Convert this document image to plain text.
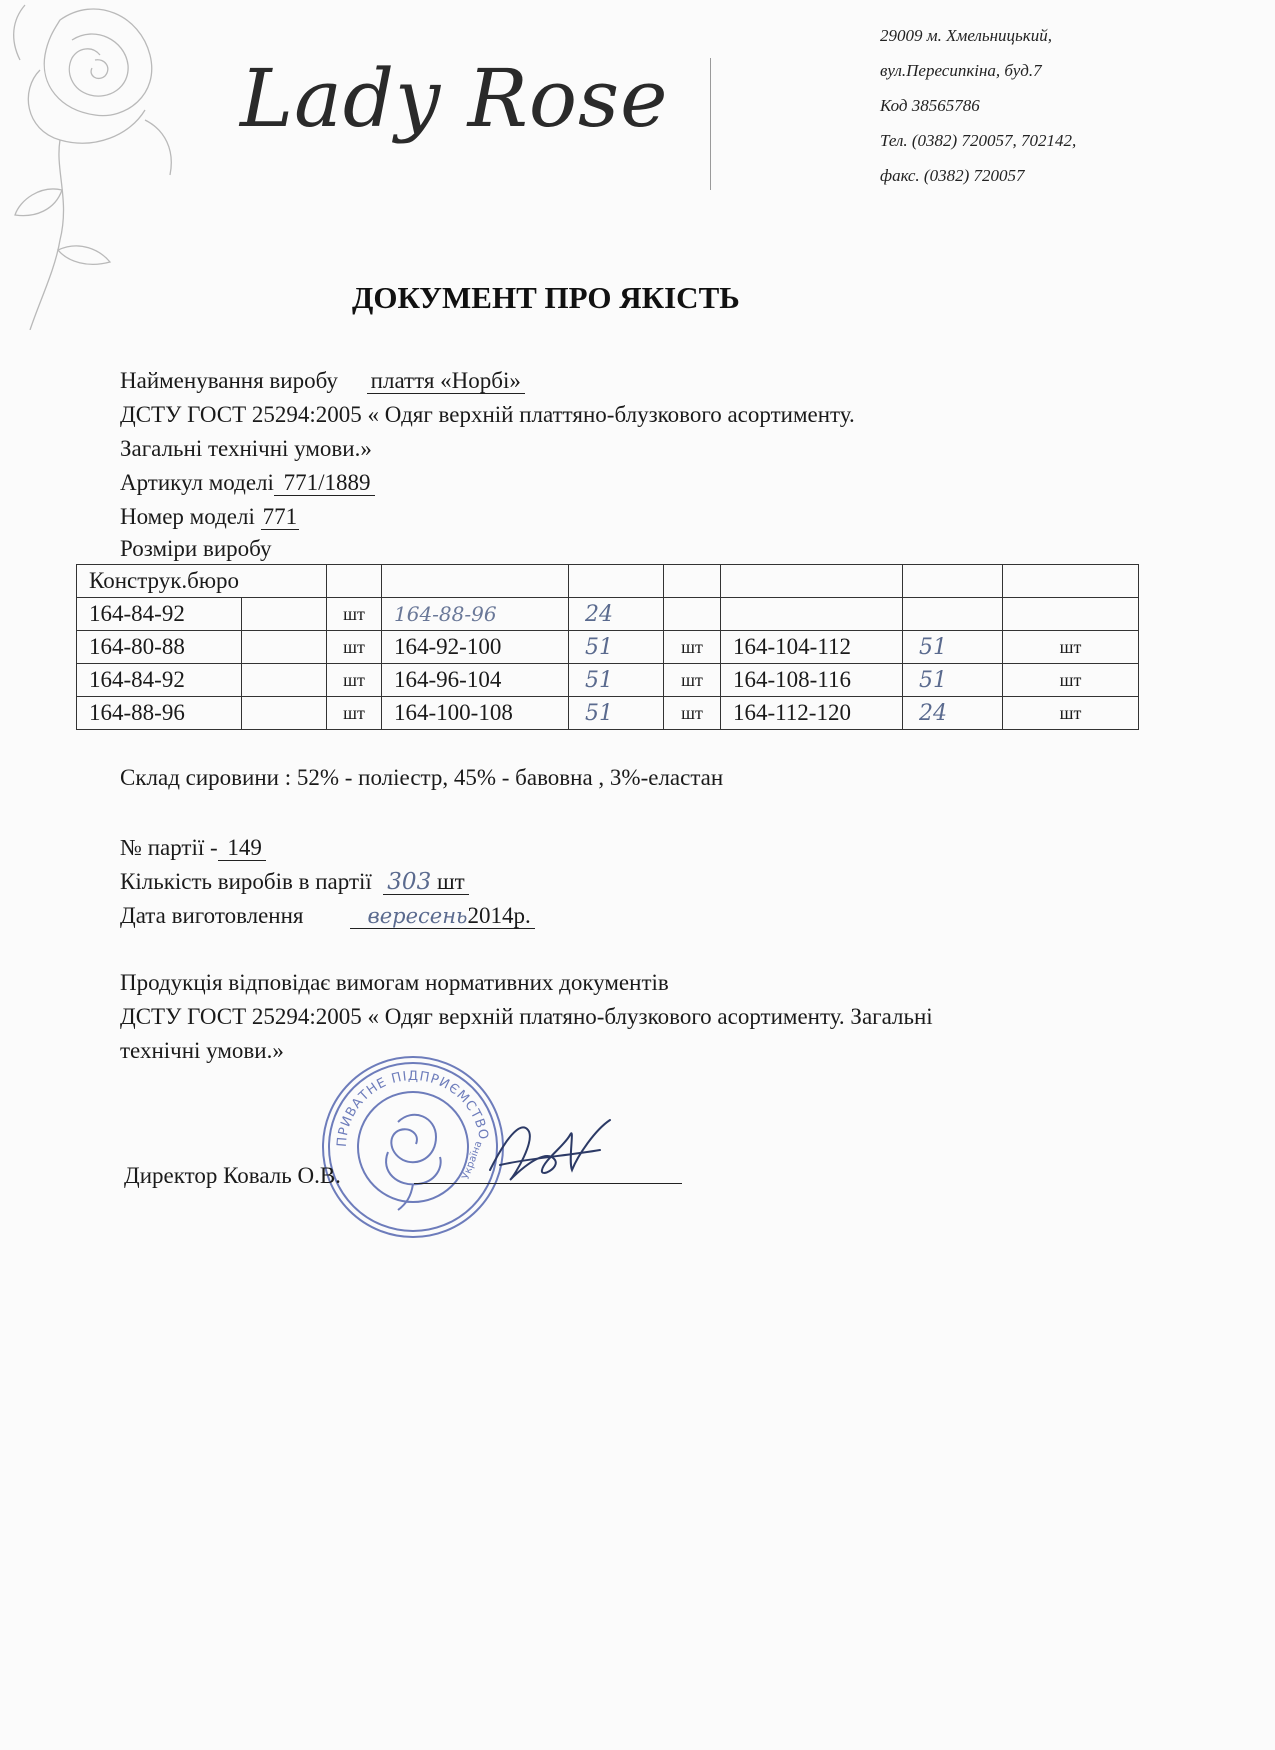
Lady Rose
29009 м. Хмельницький,
вул.Пересипкіна, буд.7
Код 38565786
Тел. (0382) 720057, 702142,
факс. (0382) 720057
ДОКУМЕНТ ПРО ЯКІСТЬ
Найменування виробу     плаття «Норбі»
ДСТУ ГОСТ 25294:2005 « Одяг верхній платтяно-блузкового асортименту.
Загальні технічні умови.»
Артикул моделі 771/1889
Номер моделі 771
Розміри виробу
Конструк.бюро								
164-84-92		шт	164-88-96	24				
164-80-88		шт	164-92-100	51	шт	164-104-112	51	шт
164-84-92		шт	164-96-104	51	шт	164-108-116	51	шт
164-88-96		шт	164-100-108	51	шт	164-112-120	24	шт
Склад сировини : 52% - поліестр, 45% - бавовна , 3%-еластан
№ партії - 149
Кількість виробів в партії 303 шт
Дата виготовлення	вересень2014р.
Продукція відповідає вимогам нормативних документів
ДСТУ ГОСТ 25294:2005 « Одяг верхній платяно-блузкового асортименту. Загальні
технічні умови.»
ПРИВАТНЕ ПІДПРИЄМСТВО
Україна
Директор Коваль О.В.
